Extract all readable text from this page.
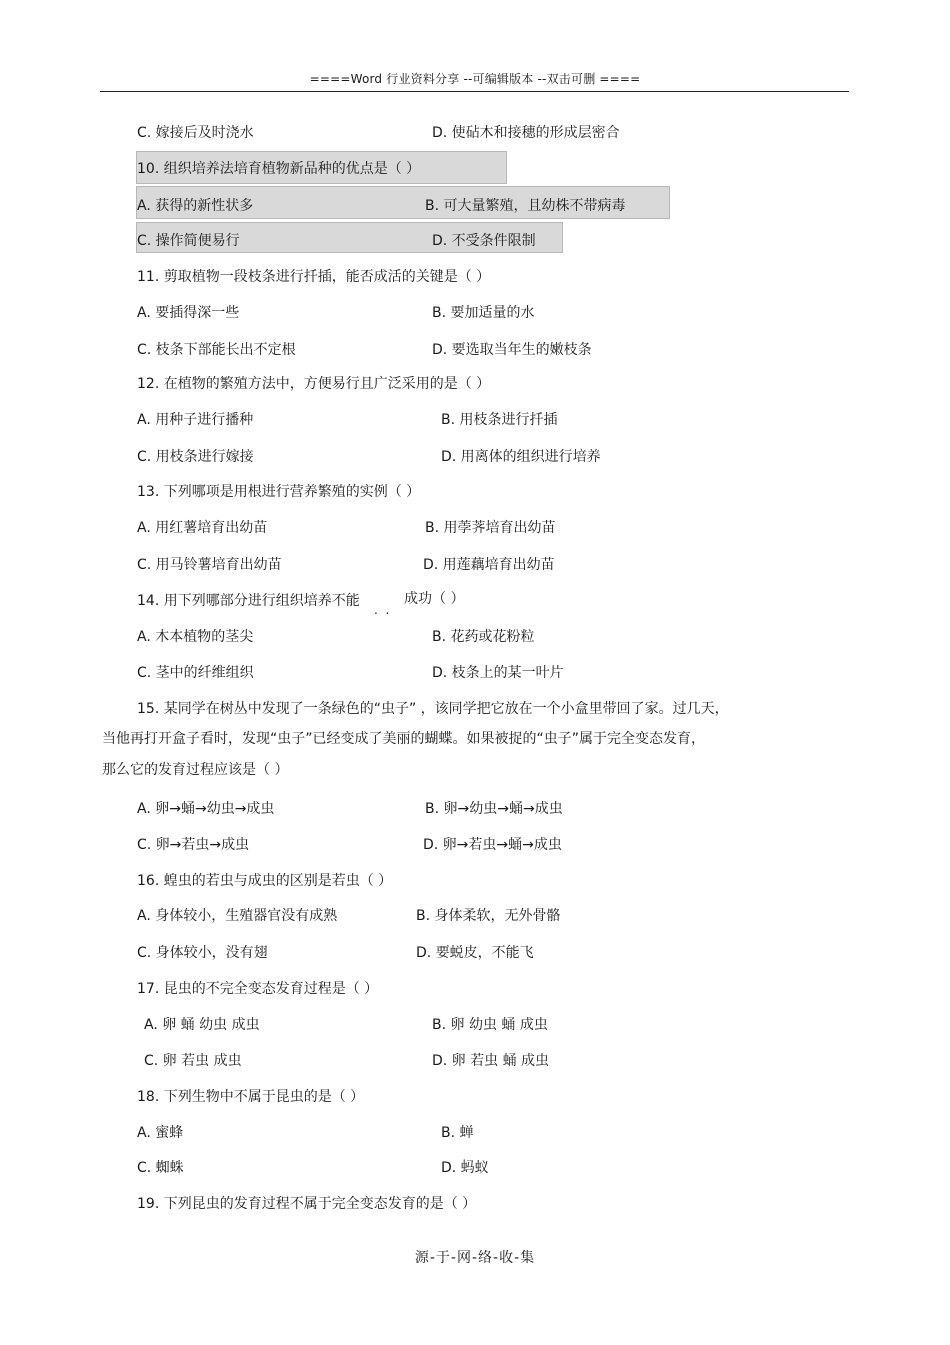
====Word 行业资料分享 --可编辑版本 --双击可删 ====
C. 嫁接后及时浇水	D. 使砧木和接穗的形成层密合
10. 组织培养法培育植物新品种的优点是（ ）
A. 获得的新性状多	B. 可大量繁殖，且幼株不带病毒
C. 操作简便易行	D. 不受条件限制
11. 剪取植物一段枝条进行扦插，能否成活的关键是（ ）
A. 要插得深一些	B. 要加适量的水
C. 枝条下部能长出不定根	D. 要选取当年生的嫩枝条
12. 在植物的繁殖方法中，方便易行且广泛采用的是（ ）
A. 用种子进行播种	B. 用枝条进行扦插
C. 用枝条进行嫁接	D. 用离体的组织进行培养
13. 下列哪项是用根进行营养繁殖的实例（ ）
A. 用红薯培育出幼苗	B. 用荸荠培育出幼苗
C. 用马铃薯培育出幼苗	D. 用莲藕培育出幼苗
14. 用下列哪部分进行组织培养不能
.  .
成功（ ）
A. 木本植物的茎尖	B. 花药或花粉粒
C. 茎中的纤维组织	D. 枝条上的某一叶片
15. 某同学在树丛中发现了一条绿色的“虫子” ，该同学把它放在一个小盒里带回了家。过几天，
当他再打开盒子看时，发现“虫子”已经变成了美丽的蝴蝶。如果被捉的“虫子”属于完全变态发育，
那么它的发育过程应该是（ ）
A. 卵→蛹→幼虫→成虫	B. 卵→幼虫→蛹→成虫
C. 卵→若虫→成虫	D. 卵→若虫→蛹→成虫
16. 蝗虫的若虫与成虫的区别是若虫（ ）
A. 身体较小，生殖器官没有成熟	B. 身体柔软，无外骨骼
C. 身体较小，没有翅	D. 要蜕皮，不能飞
17. 昆虫的不完全变态发育过程是（ ）
A. 卵 蛹 幼虫 成虫	B. 卵 幼虫 蛹 成虫
C. 卵 若虫 成虫	D. 卵 若虫 蛹 成虫
18. 下列生物中不属于昆虫的是（ ）
A. 蜜蜂	B. 蝉
C. 蜘蛛	D. 蚂蚁
19. 下列昆虫的发育过程不属于完全变态发育的是（ ）
源-于-网-络-收-集
